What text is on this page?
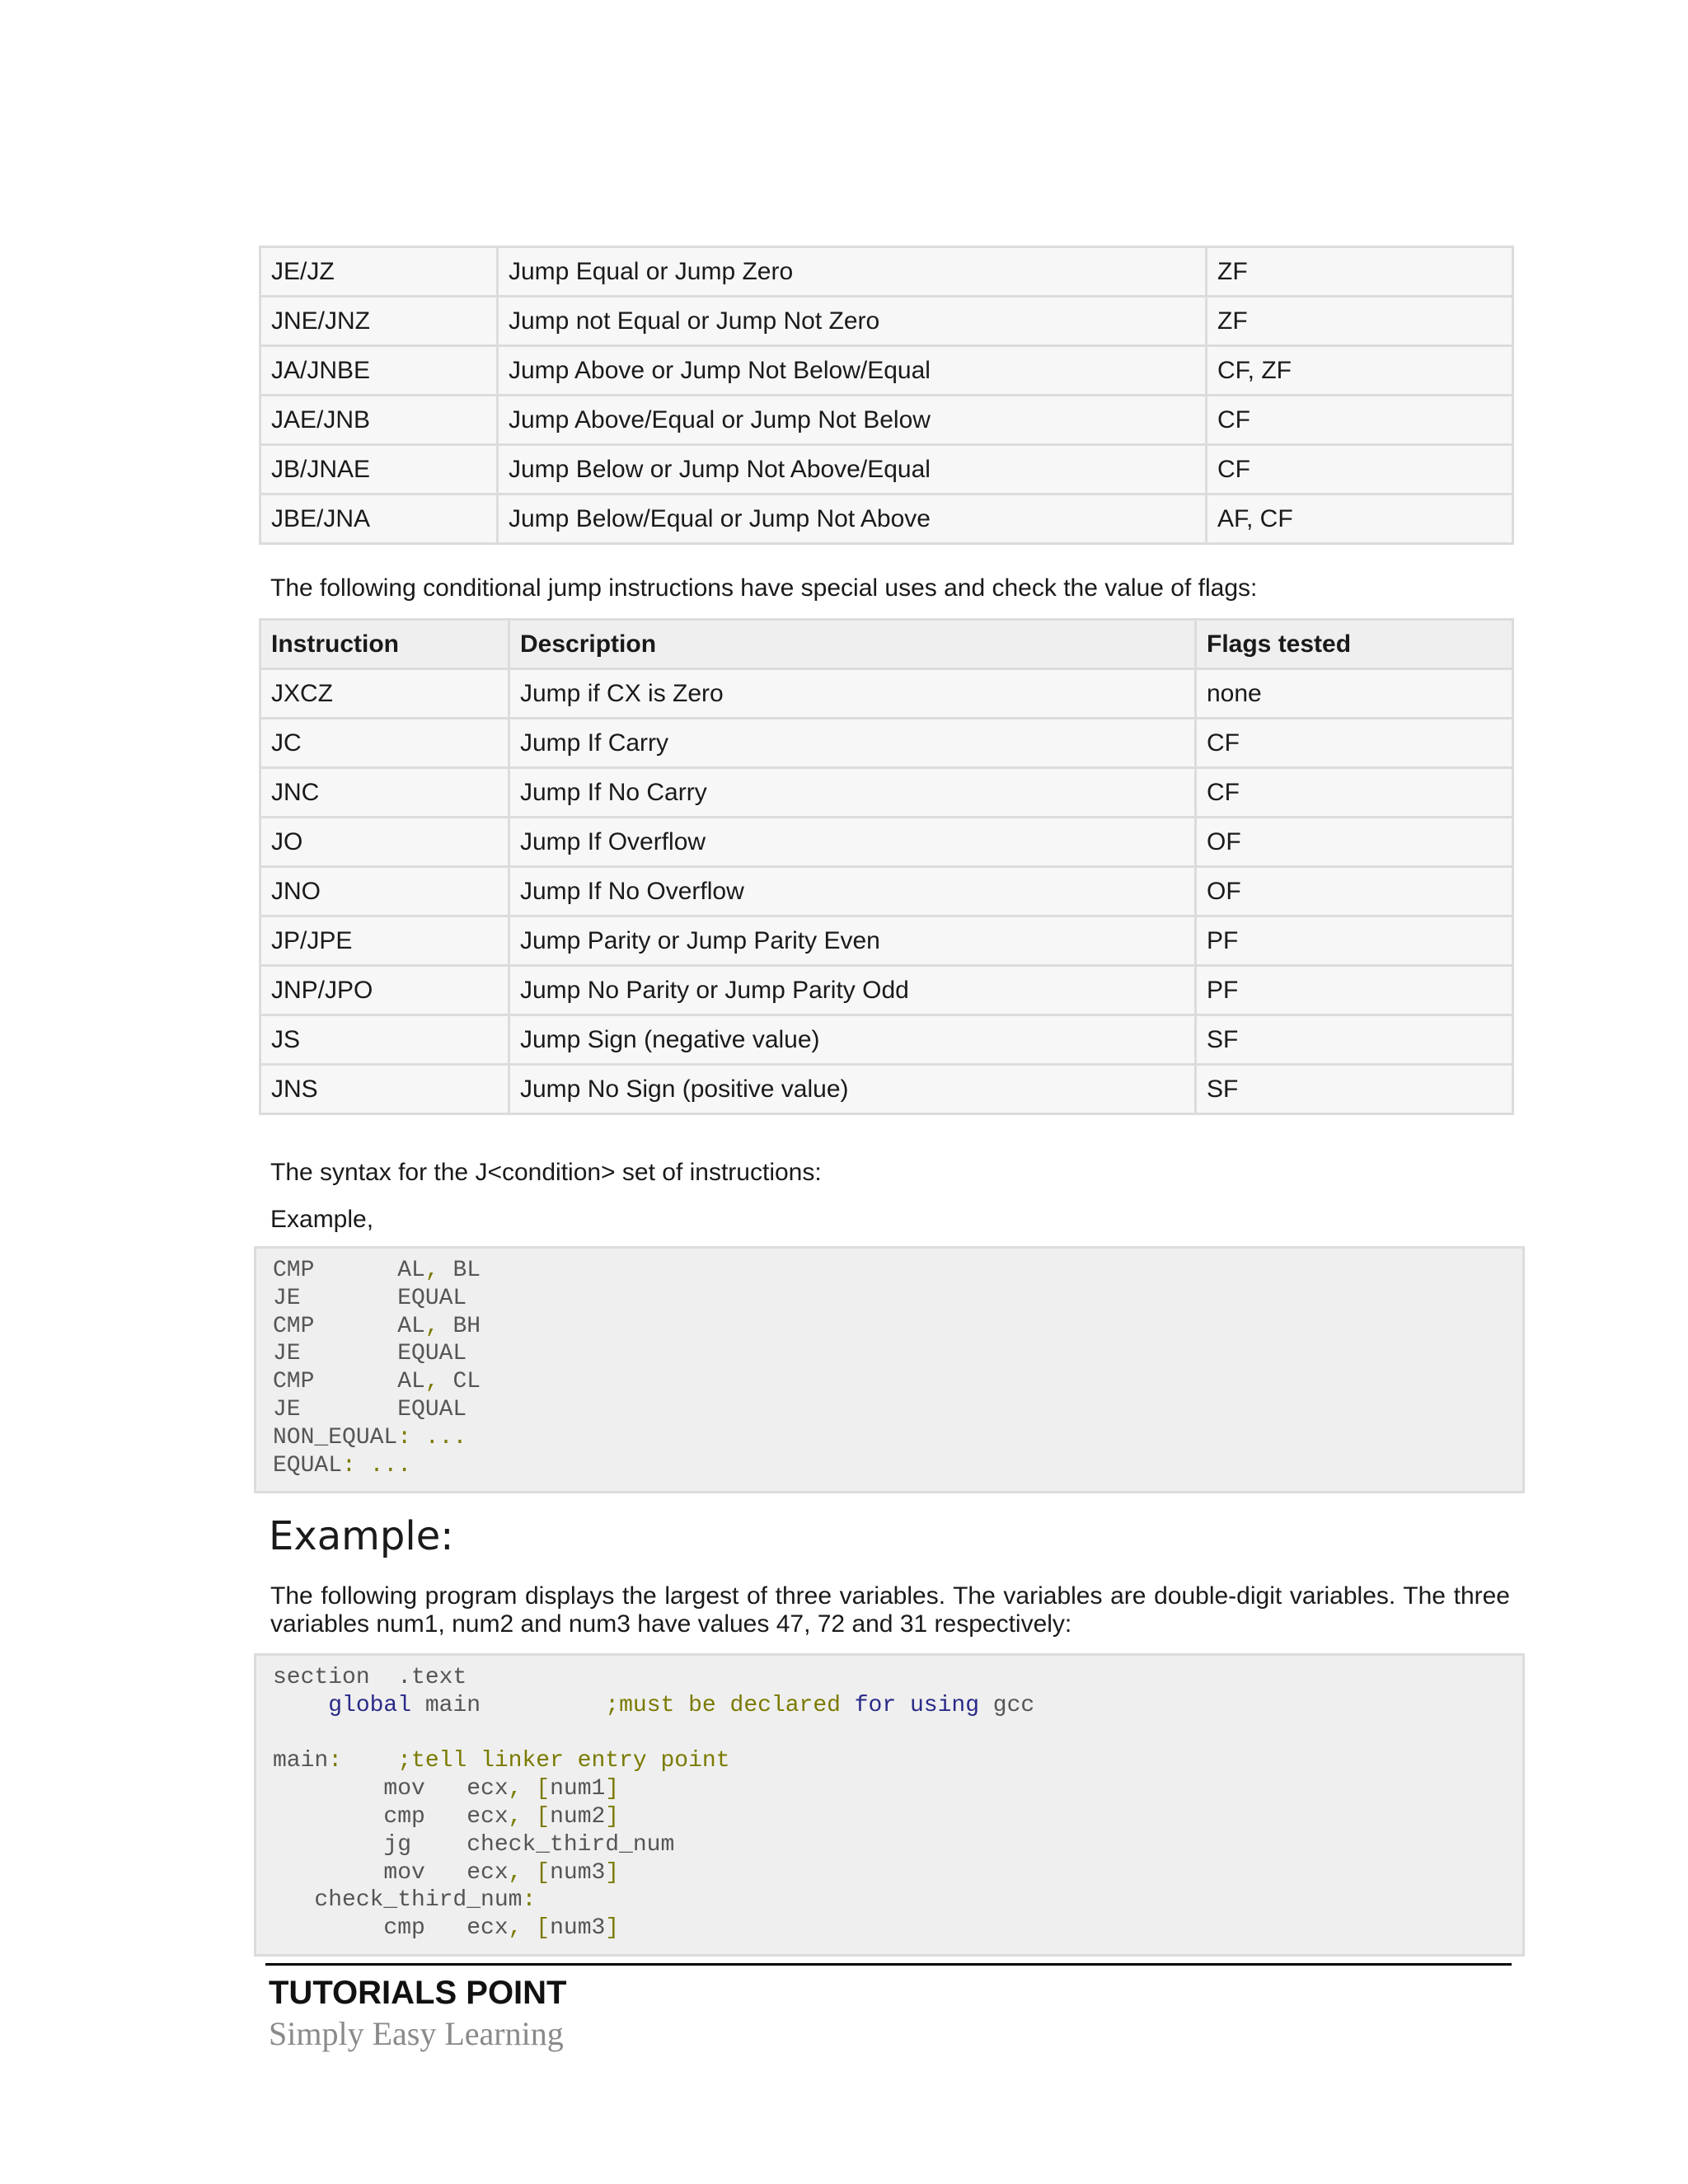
JE/JZ	Jump Equal or Jump Zero	ZF
JNE/JNZ	Jump not Equal or Jump Not Zero	ZF
JA/JNBE	Jump Above or Jump Not Below/Equal	CF, ZF
JAE/JNB	Jump Above/Equal or Jump Not Below	CF
JB/JNAE	Jump Below or Jump Not Above/Equal	CF
JBE/JNA	Jump Below/Equal or Jump Not Above	AF, CF

The following conditional jump instructions have special uses and check the value of flags:

Instruction	Description	Flags tested
JXCZ	Jump if CX is Zero	none
JC	Jump If Carry	CF
JNC	Jump If No Carry	CF
JO	Jump If Overflow	OF
JNO	Jump If No Overflow	OF
JP/JPE	Jump Parity or Jump Parity Even	PF
JNP/JPO	Jump No Parity or Jump Parity Odd	PF
JS	Jump Sign (negative value)	SF
JNS	Jump No Sign (positive value)	SF

The syntax for the J<condition> set of instructions:

Example,

CMP      AL, BL
JE       EQUAL
CMP      AL, BH
JE       EQUAL
CMP      AL, CL
JE       EQUAL
NON_EQUAL: ...
EQUAL: ...
Example:

The following program displays the largest of three variables. The variables are double-digit variables. The three variables num1, num2 and num3 have values 47, 72 and 31 respectively:

section  .text
global main         ;must be declared for using gcc
main: ;tell linker entry point
mov   ecx, [num1]
cmp   ecx, [num2]
jg    check_third_num
mov   ecx, [num3]
check_third_num:
cmp   ecx, [num3]

TUTORIALS POINT

Simply Easy Learning
